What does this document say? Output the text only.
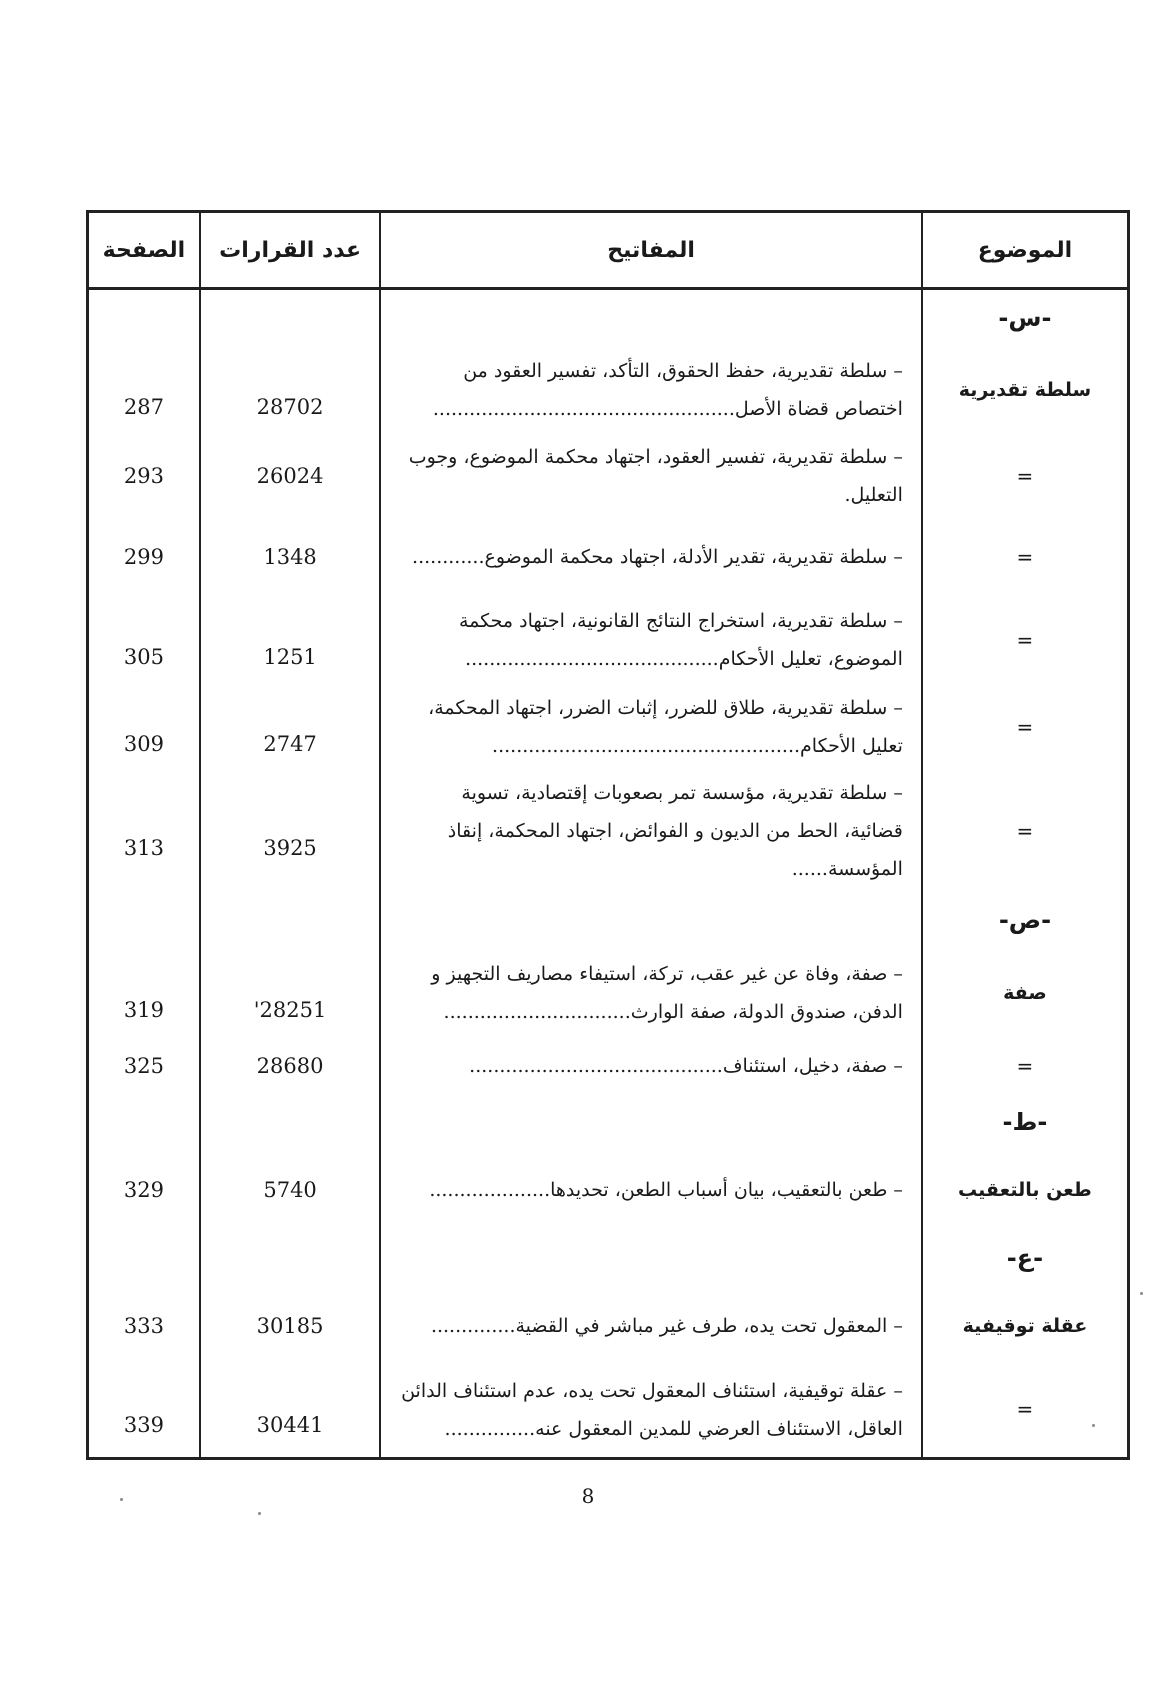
الصفحة	عدد القرارات	المفاتيح	الموضوع
			-س-
287	28702	– سلطة تقديرية، حفظ الحقوق، التأكد، تفسير العقود من اختصاص قضاة الأصل..................................................	سلطة تقديرية
293	26024	– سلطة تقديرية، تفسير العقود، اجتهاد محكمة الموضوع، وجوب التعليل.	=
299	1348	– سلطة تقديرية، تقدير الأدلة، اجتهاد محكمة الموضوع............	=
305	1251	– سلطة تقديرية، استخراج النتائج القانونية، اجتهاد محكمة الموضوع، تعليل الأحكام..........................................	=
309	2747	– سلطة تقديرية، طلاق للضرر، إثبات الضرر، اجتهاد المحكمة، تعليل الأحكام...................................................	=
313	3925	– سلطة تقديرية، مؤسسة تمر بصعوبات إقتصادية، تسوية قضائية، الحط من الديون و الفوائض، اجتهاد المحكمة، إنقاذ المؤسسة......	=
			-ص-
319	'28251	– صفة، وفاة عن غير عقب، تركة، استيفاء مصاريف التجهيز و الدفن، صندوق الدولة، صفة الوارث...............................	صفة
325	28680	– صفة، دخيل، استئناف..........................................	=
			-ط-
329	5740	– طعن بالتعقيب، بيان أسباب الطعن، تحديدها....................	طعن بالتعقيب
			-ع-
333	30185	– المعقول تحت يده، طرف غير مباشر في القضية..............	عقلة توقيفية
339	30441	– عقلة توقيفية، استئناف المعقول تحت يده، عدم استئناف الدائن العاقل، الاستئناف العرضي للمدين المعقول عنه...............	=
8
